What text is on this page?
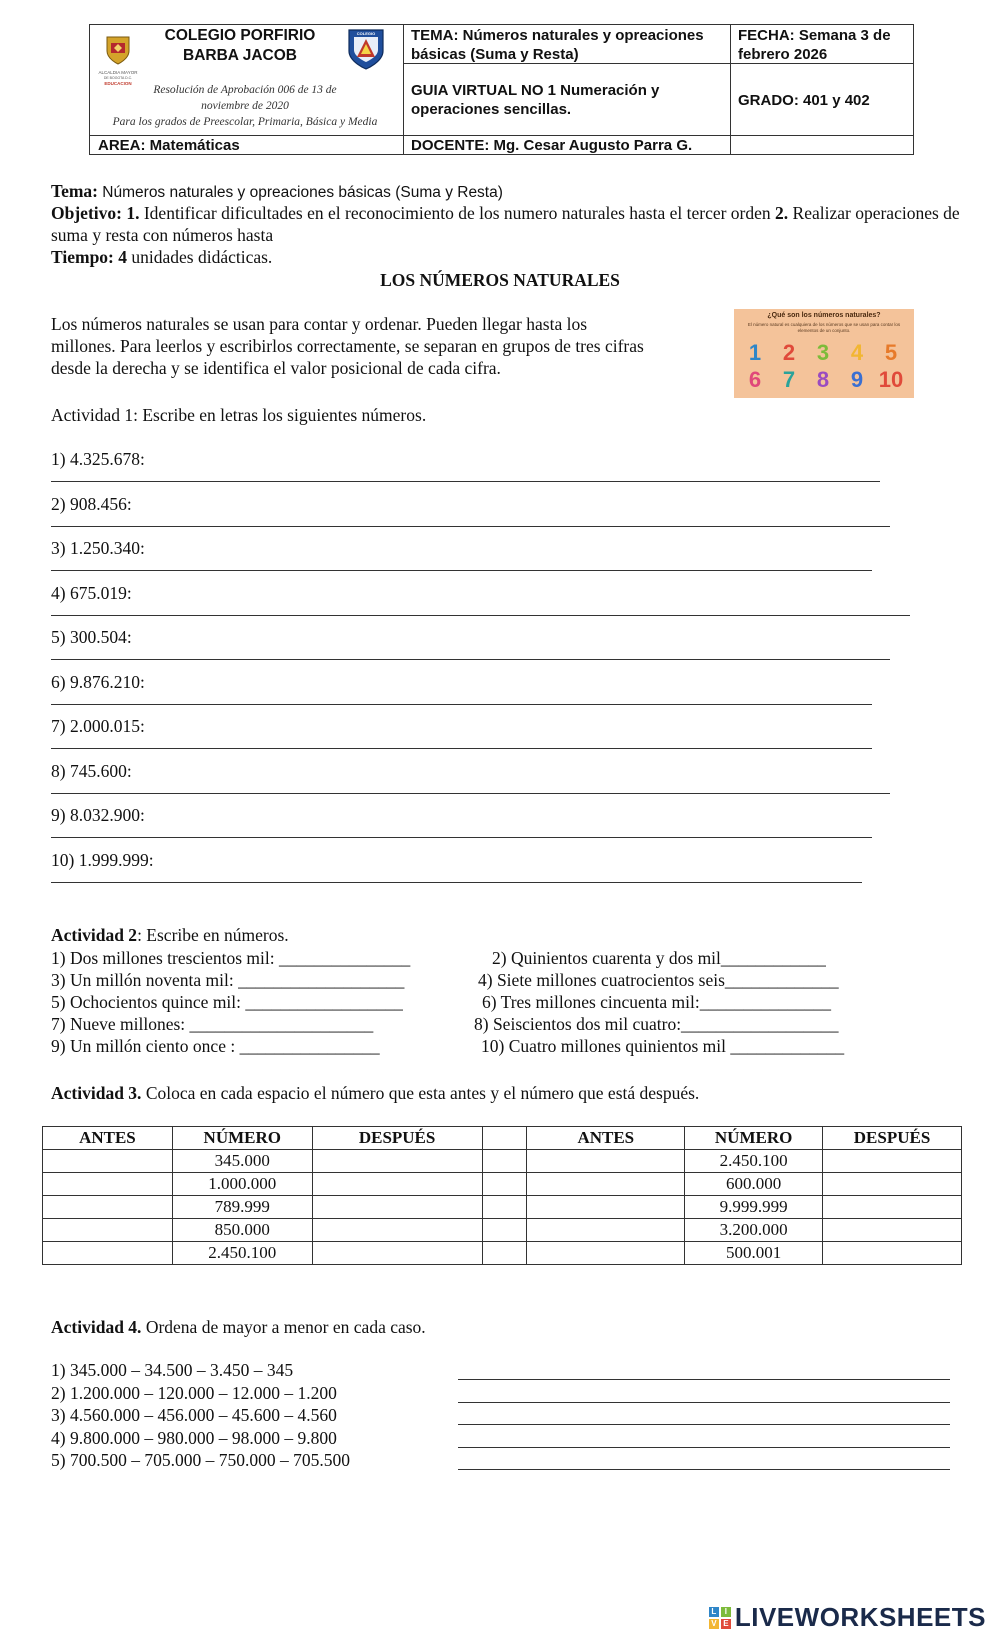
ALCALDIA MAYOR
DE BOGOTA D.C.
EDUCACION
COLEGIO PORFIRIO
BARBA JACOB
COLEGIO
Resolución de Aprobación 006 de 13 de
noviembre de 2020
Para los grados de Preescolar, Primaria, Básica y Media
AREA: Matemáticas
TEMA: Números naturales y opreaciones básicas (Suma y Resta)
GUIA VIRTUAL NO 1 Numeración y operaciones sencillas.
DOCENTE: Mg. Cesar Augusto Parra G.
FECHA: Semana 3 de febrero 2026
GRADO: 401 y 402
Tema: Números naturales y opreaciones básicas (Suma y Resta)
Objetivo: 1. Identificar dificultades en el reconocimiento de los numero naturales hasta el tercer orden 2. Realizar operaciones de suma y resta con números hasta
Tiempo: 4 unidades didácticas.
LOS NÚMEROS NATURALES
Los números naturales se usan para contar y ordenar. Pueden llegar hasta los
millones. Para leerlos y escribirlos correctamente, se separan en grupos de tres cifras
desde la derecha y se identifica el valor posicional de cada cifra.
¿Qué son los números naturales?
El número natural es cualquiera de los números que se usan para contar los elementos de un conjunto.
1 2 3 4 5
6 7 8 9 10
Actividad 1: Escribe en letras los siguientes números.
1) 4.325.678:
2) 908.456:
3) 1.250.340:
4) 675.019:
5) 300.504:
6) 9.876.210:
7) 2.000.015:
8) 745.600:
9) 8.032.900:
10) 1.999.999:
Actividad 2: Escribe en números.
1) Dos millones trescientos mil: _______________	2) Quinientos cuarenta y dos mil____________
3) Un millón noventa mil: ___________________	4) Siete millones cuatrocientos seis_____________
5) Ochocientos quince mil: __________________	6) Tres millones cincuenta mil:_______________
7) Nueve millones: _____________________	8) Seiscientos dos mil cuatro:__________________
9) Un millón ciento once : ________________	10) Cuatro millones quinientos mil _____________
Actividad 3. Coloca en cada espacio el número que esta antes y el número que está después.
ANTES	NÚMERO	DESPUÉS		ANTES	NÚMERO	DESPUÉS
	345.000				2.450.100	
	1.000.000				600.000	
	789.999				9.999.999	
	850.000				3.200.000	
	2.450.100				500.001	
Actividad 4. Ordena de mayor a menor en cada caso.
1) 345.000 – 34.500 – 3.450 – 345
2) 1.200.000 – 120.000 – 12.000 – 1.200
3) 4.560.000 – 456.000 – 45.600 – 4.560
4) 9.800.000 – 980.000 – 98.000 – 9.800
5) 700.500 – 705.000 – 750.000 – 705.500
L	I
V E LIVEWORKSHEETS
